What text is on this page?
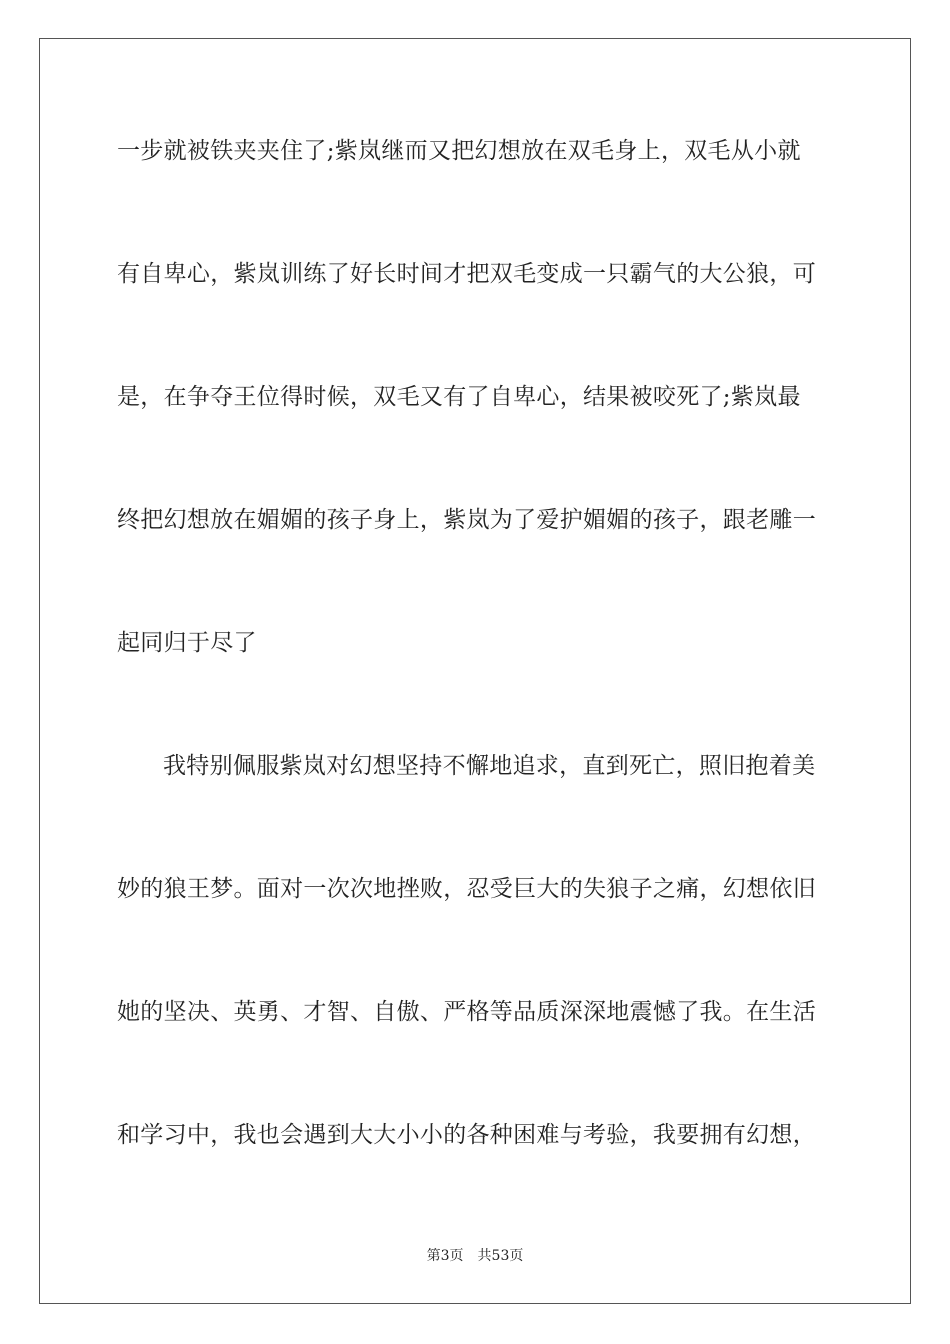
一步就被铁夹夹住了;紫岚继而又把幻想放在双毛身上，双毛从小就
有自卑心，紫岚训练了好长时间才把双毛变成一只霸气的大公狼，可
是，在争夺王位得时候，双毛又有了自卑心，结果被咬死了;紫岚最
终把幻想放在媚媚的孩子身上，紫岚为了爱护媚媚的孩子，跟老雕一
起同归于尽了
我特别佩服紫岚对幻想坚持不懈地追求，直到死亡，照旧抱着美
妙的狼王梦。面对一次次地挫败，忍受巨大的失狼子之痛，幻想依旧
她的坚决、英勇、才智、自傲、严格等品质深深地震憾了我。在生活
和学习中，我也会遇到大大小小的各种困难与考验，我要拥有幻想，
第3页 共53页
